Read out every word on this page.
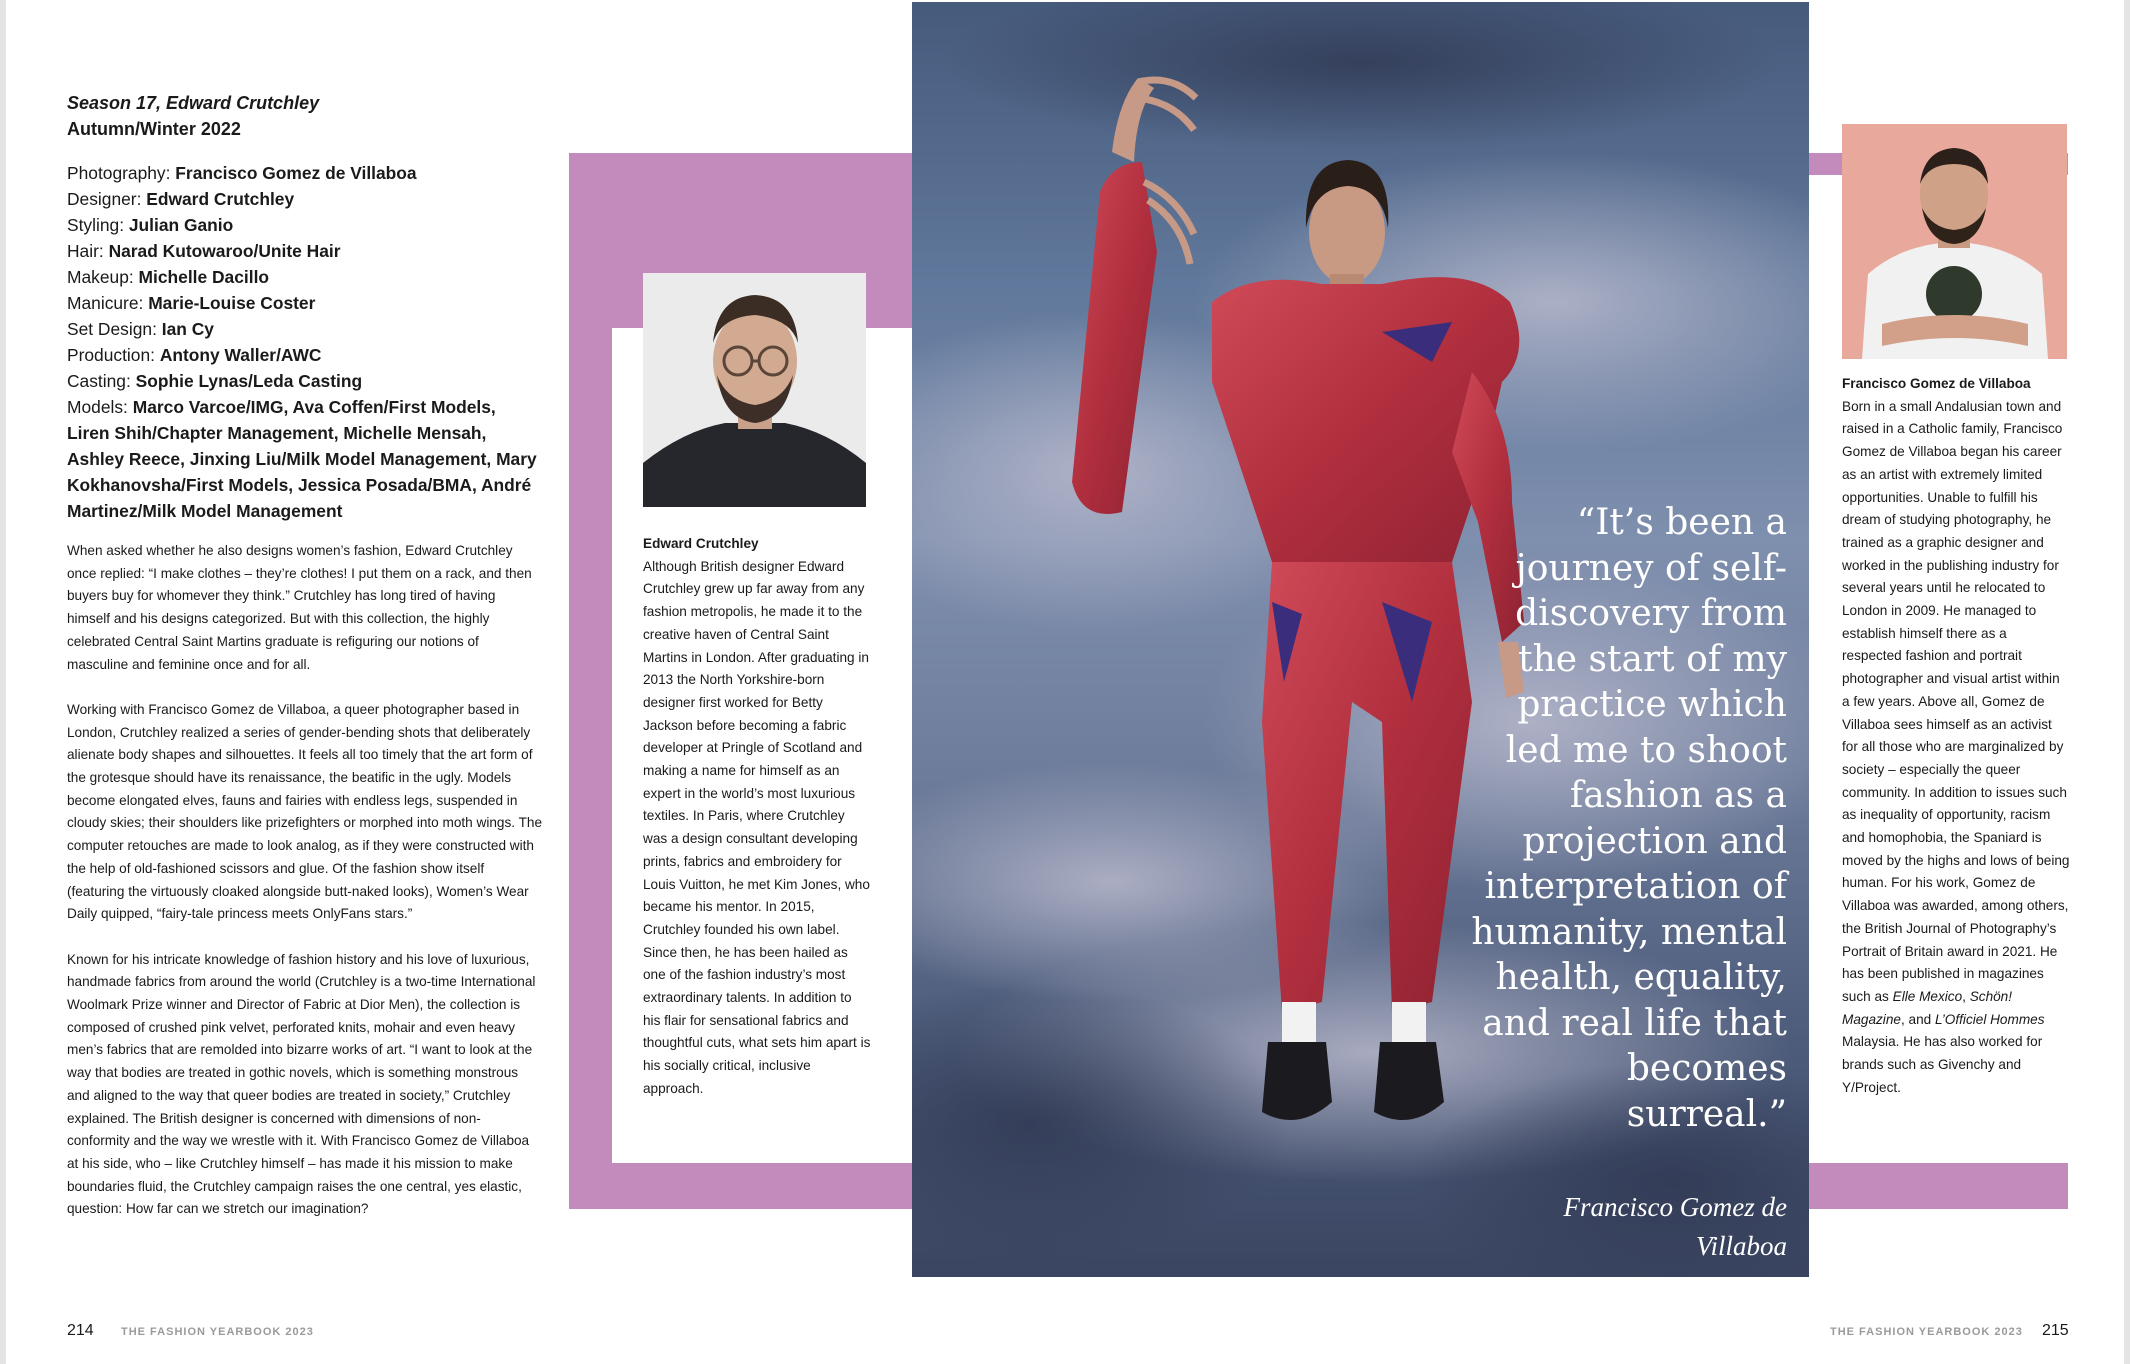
Season 17, Edward Crutchley
Autumn/Winter 2022
Photography: Francisco Gomez de Villaboa
Designer: Edward Crutchley
Styling: Julian Ganio
Hair: Narad Kutowaroo/Unite Hair
Makeup: Michelle Dacillo
Manicure: Marie-Louise Coster
Set Design: Ian Cy
Production: Antony Waller/AWC
Casting: Sophie Lynas/Leda Casting
Models: Marco Varcoe/IMG, Ava Coffen/First Models, Liren Shih/Chapter Management, Michelle Mensah, Ashley Reece, Jinxing Liu/Milk Model Management, Mary Kokhanovsha/First Models, Jessica Posada/BMA, André Martinez/Milk Model Management

When asked whether he also designs women’s fashion, Edward Crutchley once replied: “I make clothes – they’re clothes! I put them on a rack, and then buyers buy for whomever they think.” Crutchley has long tired of having himself and his designs categorized. But with this collection, the highly celebrated Central Saint Martins graduate is refiguring our notions of masculine and feminine once and for all.

Working with Francisco Gomez de Villaboa, a queer photographer based in London, Crutchley realized a series of gender-bending shots that deliberately alienate body shapes and silhouettes. It feels all too timely that the art form of the grotesque should have its renaissance, the beatific in the ugly. Models become elongated elves, fauns and fairies with endless legs, suspended in cloudy skies; their shoulders like prizefighters or morphed into moth wings. The computer retouches are made to look analog, as if they were constructed with the help of old-fashioned scissors and glue. Of the fashion show itself (featuring the virtuously cloaked alongside butt-naked looks), Women’s Wear Daily quipped, “fairy-tale princess meets OnlyFans stars.”

Known for his intricate knowledge of fashion history and his love of luxurious, handmade fabrics from around the world (Crutchley is a two-time International Woolmark Prize winner and Director of Fabric at Dior Men), the collection is composed of crushed pink velvet, perforated knits, mohair and even heavy men’s fabrics that are remolded into bizarre works of art. “I want to look at the way that bodies are treated in gothic novels, which is something monstrous and aligned to the way that queer bodies are treated in society,” Crutchley explained. The British designer is concerned with dimensions of non-conformity and the way we wrestle with it. With Francisco Gomez de Villaboa at his side, who – like Crutchley himself – has made it his mission to make boundaries fluid, the Crutchley campaign raises the one central, yes elastic, question: How far can we stretch our imagination?

Edward Crutchley
Although British designer Edward Crutchley grew up far away from any fashion metropolis, he made it to the creative haven of Central Saint Martins in London. After graduating in 2013 the North Yorkshire-born designer first worked for Betty Jackson before becoming a fabric developer at Pringle of Scotland and making a name for himself as an expert in the world’s most luxurious textiles. In Paris, where Crutchley was a design consultant developing prints, fabrics and embroidery for Louis Vuitton, he met Kim Jones, who became his mentor. In 2015, Crutchley founded his own label. Since then, he has been hailed as one of the fashion industry’s most extraordinary talents. In addition to his flair for sensational fabrics and thoughtful cuts, what sets him apart is his socially critical, inclusive approach.
“It’s been a journey of self-discovery from the start of my practice which led me to shoot fashion as a projection and interpretation of humanity, mental health, equality, and real life that becomes surreal.”
Francisco Gomez de Villaboa
Francisco Gomez de Villaboa
Born in a small Andalusian town and raised in a Catholic family, Francisco Gomez de Villaboa began his career as an artist with extremely limited opportunities. Unable to fulfill his dream of studying photography, he trained as a graphic designer and worked in the publishing industry for several years until he relocated to London in 2009. He managed to establish himself there as a respected fashion and portrait photographer and visual artist within a few years. Above all, Gomez de Villaboa sees himself as an activist for all those who are marginalized by society – especially the queer community. In addition to issues such as inequality of opportunity, racism and homophobia, the Spaniard is moved by the highs and lows of being human. For his work, Gomez de Villaboa was awarded, among others, the British Journal of Photography’s Portrait of Britain award in 2021. He has been published in magazines such as Elle Mexico, Schön! Magazine, and L’Officiel Hommes Malaysia. He has also worked for brands such as Givenchy and Y/Project.
214 THE FASHION YEARBOOK 2023	THE FASHION YEARBOOK 2023 215
